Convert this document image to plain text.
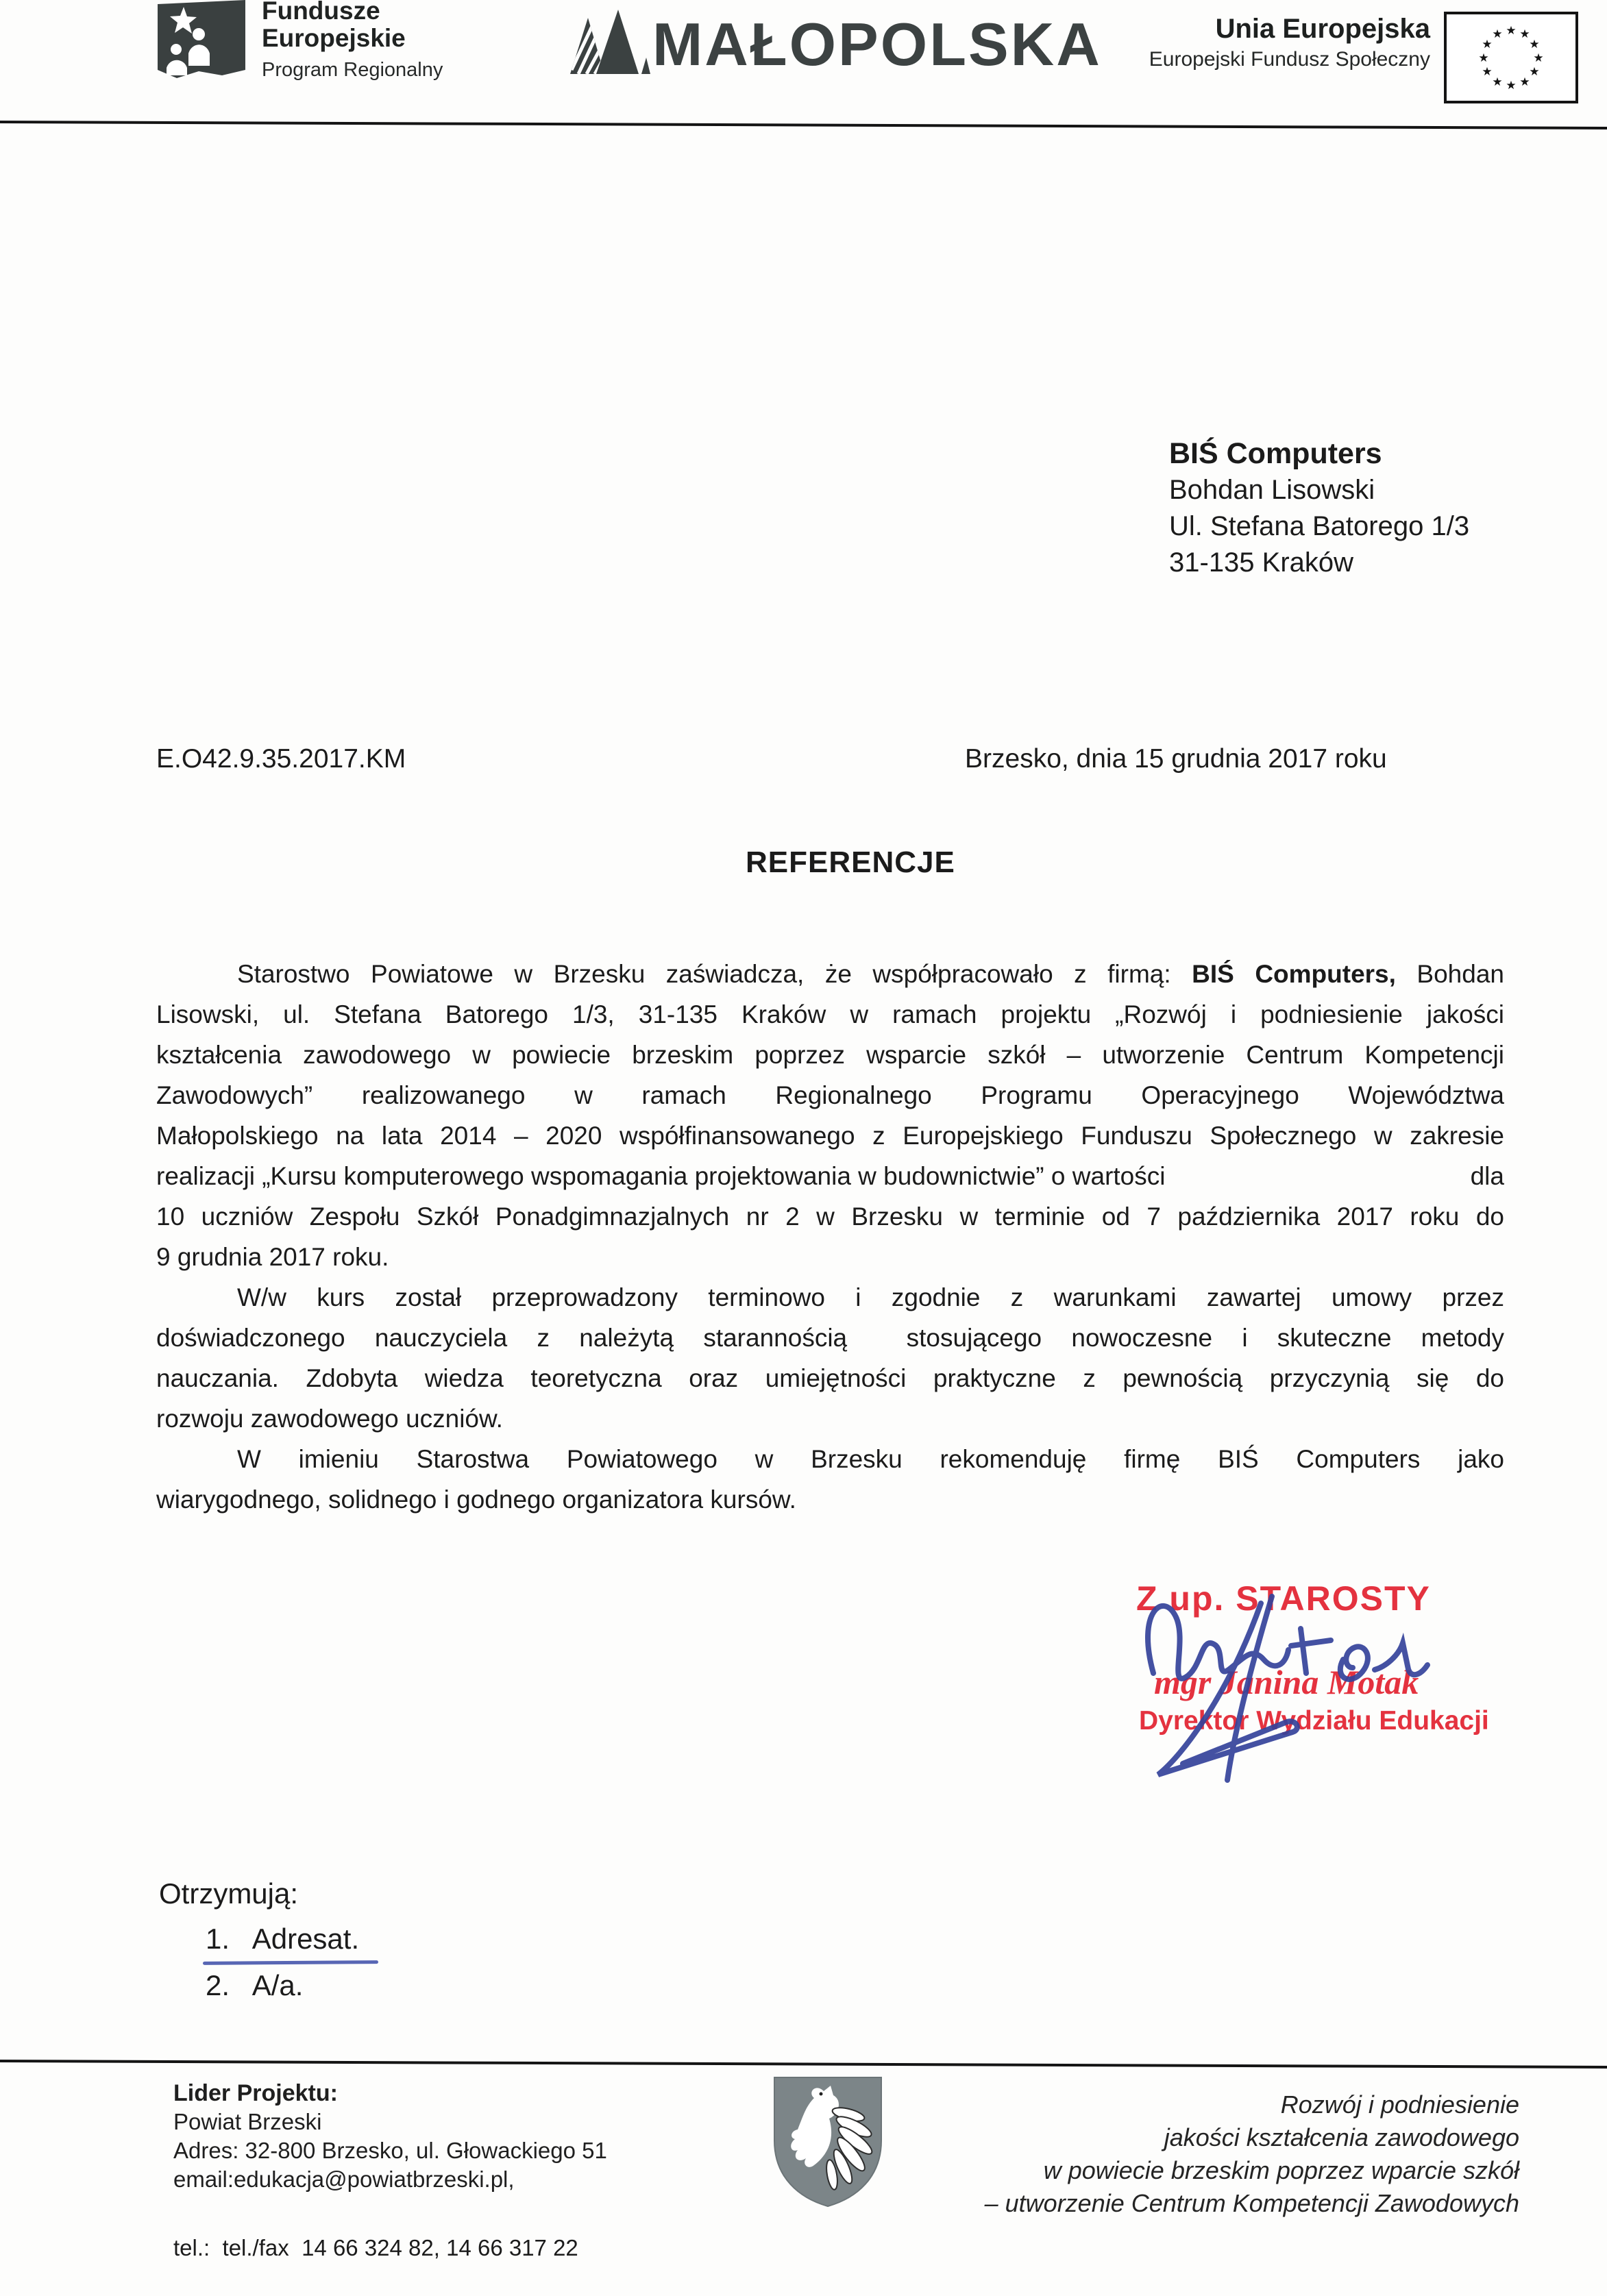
Fundusze
Europejskie
Program Regionalny	MAŁOPOLSKA	Unia Europejska
Europejski Fundusz Społeczny	★
★
★
★
★
★
★
★
★ ★ ★
★
BIŚ Computers
Bohdan Lisowski
Ul. Stefana Batorego 1/3
31-135 Kraków
E.O42.9.35.2017.KM	Brzesko, dnia 15 grudnia 2017 roku
REFERENCJE
Starostwo Powiatowe w Brzesku zaświadcza, że współpracowało z firmą: BIŚ Computers, Bohdan
Lisowski, ul. Stefana Batorego 1/3, 31-135 Kraków w ramach projektu „Rozwój i podniesienie jakości
kształcenia zawodowego w powiecie brzeskim poprzez wsparcie szkół – utworzenie Centrum Kompetencji
Zawodowych” realizowanego w ramach Regionalnego Programu Operacyjnego Województwa
Małopolskiego na lata 2014 – 2020 współfinansowanego z Europejskiego Funduszu Społecznego w zakresie
realizacji „Kursu komputerowego wspomagania projektowania w budownictwie” o wartości	dla
10 uczniów Zespołu Szkół Ponadgimnazjalnych nr 2 w Brzesku w terminie od 7 października 2017 roku do
9 grudnia 2017 roku.
W/w kurs został przeprowadzony terminowo i zgodnie z warunkami zawartej umowy przez
doświadczonego nauczyciela z należytą starannością  stosującego nowoczesne i skuteczne metody
nauczania. Zdobyta wiedza teoretyczna oraz umiejętności praktyczne z pewnością przyczynią się do
rozwoju zawodowego uczniów.
W imieniu Starostwa Powiatowego w Brzesku rekomenduję firmę BIŚ Computers jako
wiarygodnego, solidnego i godnego organizatora kursów.
Z up. STAROSTY
mgr Janina Motak
Dyrektor Wydziału Edukacji
Otrzymują:
1.   Adresat.
2.   A/a.
Lider Projektu:
Powiat Brzeski
Adres: 32-800 Brzesko, ul. Głowackiego 51
email:edukacja@powiatbrzeski.pl,
tel.:  tel./fax  14 66 324 82, 14 66 317 22
Rozwój i podniesienie
jakości kształcenia zawodowego
w powiecie brzeskim poprzez wparcie szkół
– utworzenie Centrum Kompetencji Zawodowych
